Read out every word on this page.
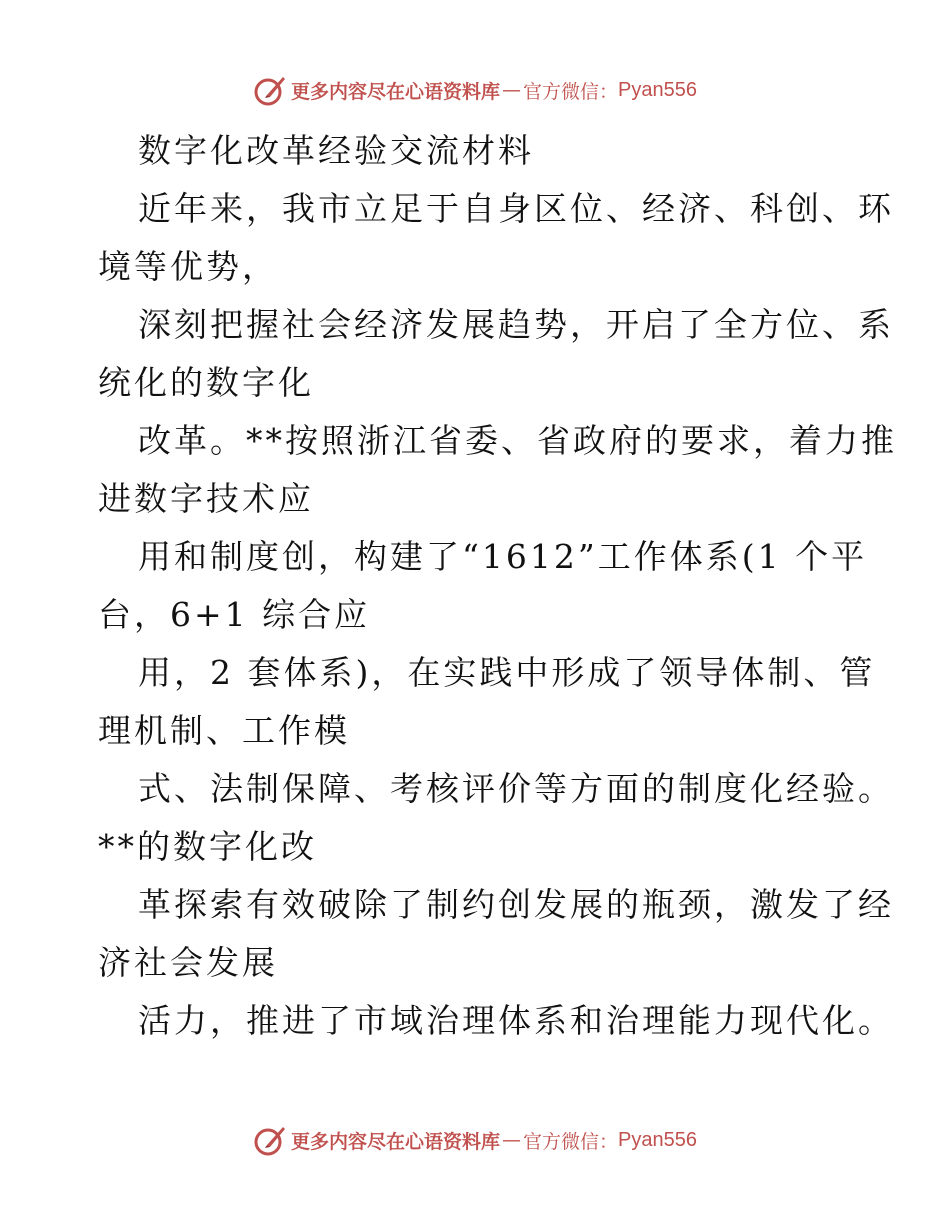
更多内容尽在心语资料库 — 官方微信： Pyan556
数字化改革经验交流材料
近年来，我市立足于自身区位、经济、科创、环
境等优势，
深刻把握社会经济发展趋势，开启了全方位、系
统化的数字化
改革。**按照浙江省委、省政府的要求，着力推
进数字技术应
用和制度创，构建了“1612”工作体系(1 个平
台，6+1 综合应
用，2 套体系)，在实践中形成了领导体制、管
理机制、工作模
式、法制保障、考核评价等方面的制度化经验。
**的数字化改
革探索有效破除了制约创发展的瓶颈，激发了经
济社会发展
活力，推进了市域治理体系和治理能力现代化。
更多内容尽在心语资料库 — 官方微信： Pyan556
